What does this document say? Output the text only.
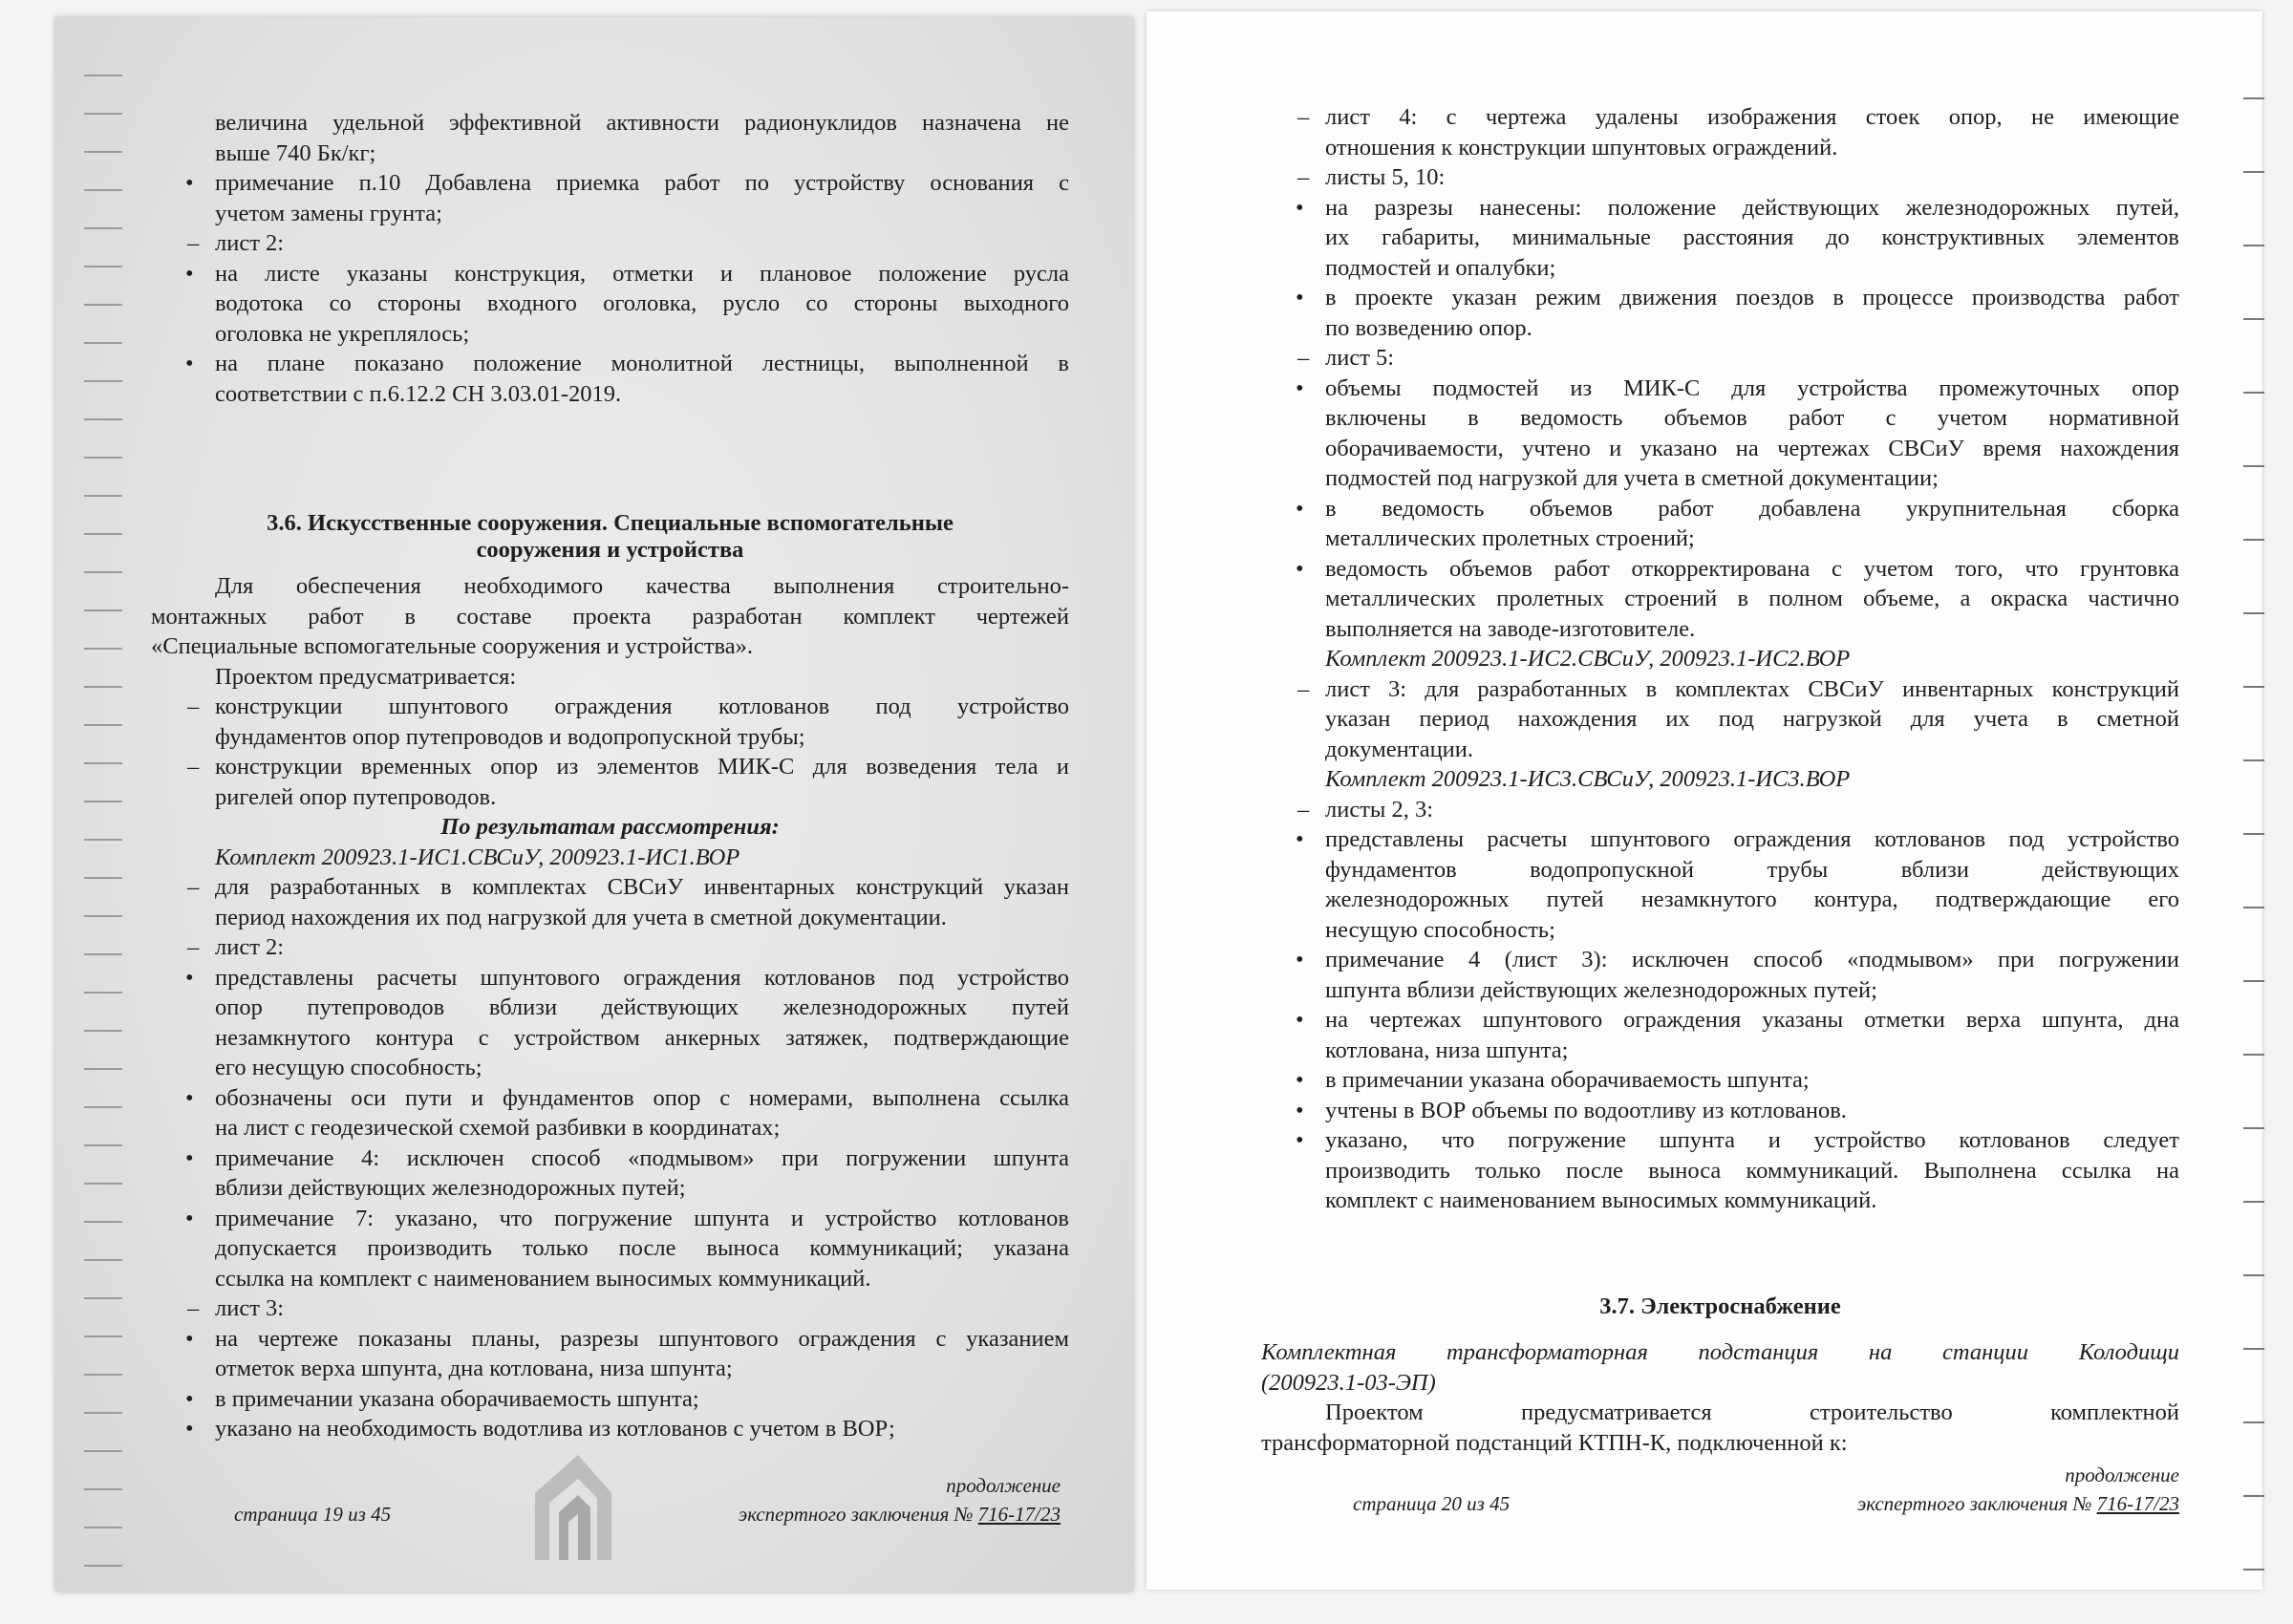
величина удельной эффективной активности радионуклидов назначена не
выше 740 Бк/кг;
• примечание п.10 Добавлена приемка работ по устройству основания с
учетом замены грунта;
– лист 2:
• на листе указаны конструкция, отметки и плановое положение русла
водотока со стороны входного оголовка, русло со стороны выходного
оголовка не укреплялось;
• на плане показано положение монолитной лестницы, выполненной в
соответствии с п.6.12.2 СН 3.03.01-2019.
3.6. Искусственные сооружения. Специальные вспомогательные
сооружения и устройства
Для обеспечения необходимого качества выполнения строительно-
монтажных работ в составе проекта разработан комплект чертежей
«Специальные вспомогательные сооружения и устройства».
Проектом предусматривается:
– конструкции шпунтового ограждения котлованов под устройство
фундаментов опор путепроводов и водопропускной трубы;
– конструкции временных опор из элементов МИК-С для возведения тела и
ригелей опор путепроводов.
По результатам рассмотрения:
Комплект 200923.1-ИС1.СВСиУ, 200923.1-ИС1.ВОР
– для разработанных в комплектах СВСиУ инвентарных конструкций указан
период нахождения их под нагрузкой для учета в сметной документации.
– лист 2:
• представлены расчеты шпунтового ограждения котлованов под устройство
опор путепроводов вблизи действующих железнодорожных путей
незамкнутого контура с устройством анкерных затяжек, подтверждающие
его несущую способность;
• обозначены оси пути и фундаментов опор с номерами, выполнена ссылка
на лист с геодезической схемой разбивки в координатах;
• примечание 4: исключен способ «подмывом» при погружении шпунта
вблизи действующих железнодорожных путей;
• примечание 7: указано, что погружение шпунта и устройство котлованов
допускается производить только после выноса коммуникаций; указана
ссылка на комплект с наименованием выносимых коммуникаций.
– лист 3:
• на чертеже показаны планы, разрезы шпунтового ограждения с указанием
отметок верха шпунта, дна котлована, низа шпунта;
• в примечании указана оборачиваемость шпунта;
• указано на необходимость водотлива из котлованов с учетом в ВОР;
страница 19 из 45
продолжение
экспертного заключения № 716-17/23
– лист 4: с чертежа удалены изображения стоек опор, не имеющие
отношения к конструкции шпунтовых ограждений.
– листы 5, 10:
• на разрезы нанесены: положение действующих железнодорожных путей,
их габариты, минимальные расстояния до конструктивных элементов
подмостей и опалубки;
• в проекте указан режим движения поездов в процессе производства работ
по возведению опор.
– лист 5:
• объемы подмостей из МИК-С для устройства промежуточных опор
включены в ведомость объемов работ с учетом нормативной
оборачиваемости, учтено и указано на чертежах СВСиУ время нахождения
подмостей под нагрузкой для учета в сметной документации;
• в ведомость объемов работ добавлена укрупнительная сборка
металлических пролетных строений;
• ведомость объемов работ откорректирована с учетом того, что грунтовка
металлических пролетных строений в полном объеме, а окраска частично
выполняется на заводе-изготовителе.
Комплект 200923.1-ИС2.СВСиУ, 200923.1-ИС2.ВОР
– лист 3: для разработанных в комплектах СВСиУ инвентарных конструкций
указан период нахождения их под нагрузкой для учета в сметной
документации.
Комплект 200923.1-ИС3.СВСиУ, 200923.1-ИС3.ВОР
– листы 2, 3:
• представлены расчеты шпунтового ограждения котлованов под устройство
фундаментов водопропускной трубы вблизи действующих
железнодорожных путей незамкнутого контура, подтверждающие его
несущую способность;
• примечание 4 (лист 3): исключен способ «подмывом» при погружении
шпунта вблизи действующих железнодорожных путей;
• на чертежах шпунтового ограждения указаны отметки верха шпунта, дна
котлована, низа шпунта;
• в примечании указана оборачиваемость шпунта;
• учтены в ВОР объемы по водоотливу из котлованов.
• указано, что погружение шпунта и устройство котлованов следует
производить только после выноса коммуникаций. Выполнена ссылка на
комплект с наименованием выносимых коммуникаций.
3.7. Электроснабжение
Комплектная трансформаторная подстанция на станции Колодищи
(200923.1-03-ЭП)
Проектом предусматривается строительство комплектной
трансформаторной подстанций КТПН-К, подключенной к:
страница 20 из 45
продолжение
экспертного заключения № 716-17/23
